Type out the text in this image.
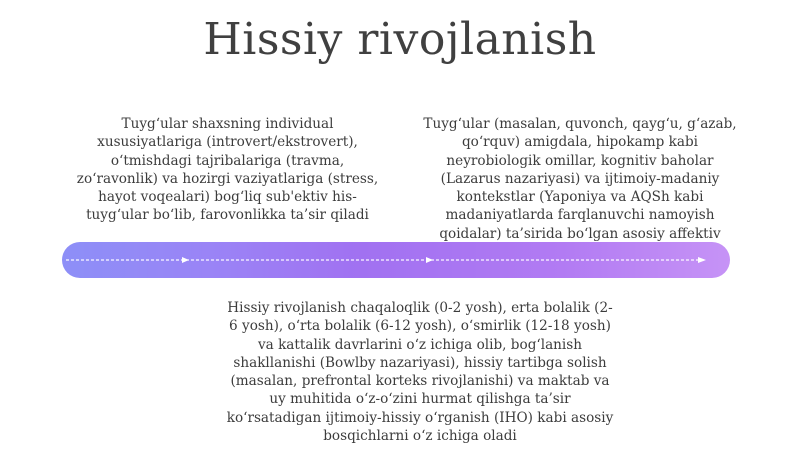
Hissiy rivojlanish
Tuyg‘ular shaxsning individual xususiyatlariga (introvert/ekstrovert), o‘tmishdagi tajribalariga (travma, zo‘ravonlik) va hozirgi vaziyatlariga (stress, hayot voqealari) bog‘liq sub'ektiv his-tuyg‘ular bo‘lib, farovonlikka ta’sir qiladi
Tuyg‘ular (masalan, quvonch, qayg‘u, g‘azab, qo‘rquv) amigdala, hipokamp kabi neyrobiologik omillar, kognitiv baholar (Lazarus nazariyasi) va ijtimoiy-madaniy kontekstlar (Yaponiya va AQSh kabi madaniyatlarda farqlanuvchi namoyish qoidalar) ta’sirida bo‘lgan asosiy affektiv
Hissiy rivojlanish chaqaloqlik (0-2 yosh), erta bolalik (2-6 yosh), o‘rta bolalik (6-12 yosh), o‘smirlik (12-18 yosh) va kattalik davrlarini o‘z ichiga olib, bog‘lanish shakllanishi (Bowlby nazariyasi), hissiy tartibga solish (masalan, prefrontal korteks rivojlanishi) va maktab va uy muhitida o‘z-o‘zini hurmat qilishga ta’sir ko‘rsatadigan ijtimoiy-hissiy o‘rganish (IHO) kabi asosiy bosqichlarni o‘z ichiga oladi
